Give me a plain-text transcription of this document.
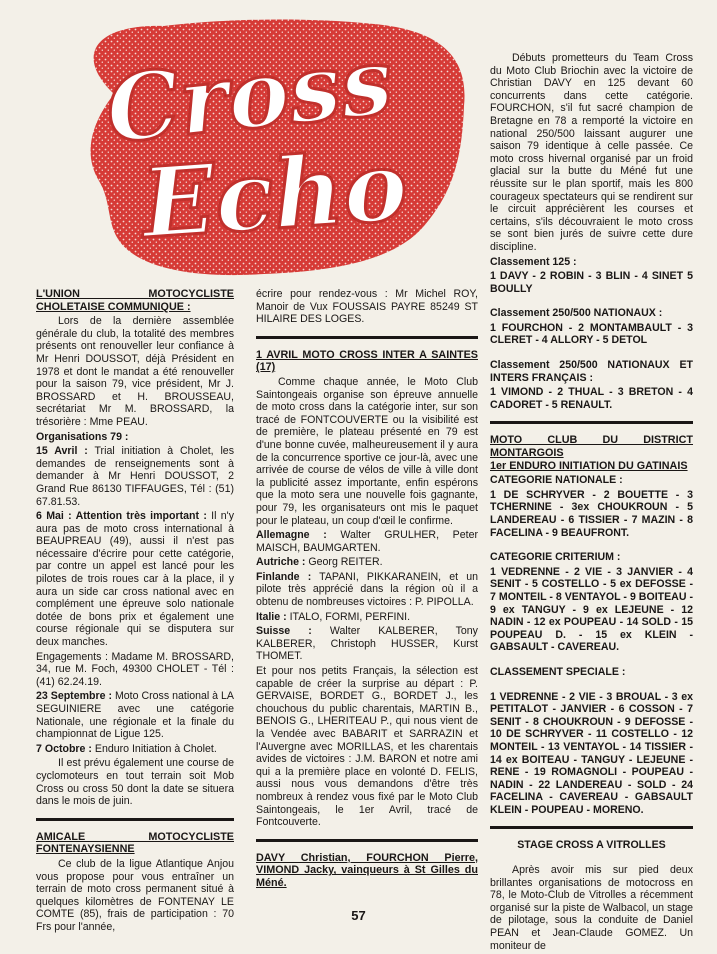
Cross
Echo

L'UNION MOTOCYCLISTE CHOLETAISE COMMUNIQUE :

Lors de la dernière assemblée générale du club, la totalité des membres présents ont renouveller leur confiance à Mr Henri DOUSSOT, déjà Président en 1978 et dont le mandat a été renouveller pour la saison 79, vice président, Mr J. BROSSARD et H. BROUSSEAU, secrétariat Mr M. BROSSARD, la trésorière : Mme PEAU.

Organisations 79 :

15 Avril : Trial initiation à Cholet, les demandes de renseignements sont à demander à Mr Henri DOUSSOT, 2 Grand Rue 86130 TIFFAUGES, Tél : (51) 67.81.53.

6 Mai : Attention très important : Il n'y aura pas de moto cross international à BEAUPREAU (49), aussi il n'est pas nécessaire d'écrire pour cette catégorie, par contre un appel est lancé pour les pilotes de trois roues car à la place, il y aura un side car cross national avec en complément une épreuve solo nationale dotée de bons prix et également une course régionale qui se disputera sur deux manches.

Engagements : Madame M. BROSSARD, 34, rue M. Foch, 49300 CHOLET - Tél : (41) 62.24.19.

23 Septembre : Moto Cross national à LA SEGUINIERE avec une catégorie Nationale, une régionale et la finale du championnat de Ligue 125.

7 Octobre : Enduro Initiation à Cholet.

Il est prévu également une course de cyclomoteurs en tout terrain soit Mob Cross ou cross 50 dont la date se situera dans le mois de juin.

AMICALE MOTOCYCLISTE FONTENAYSIENNE

Ce club de la ligue Atlantique Anjou vous propose pour vous entraîner un terrain de moto cross permanent situé à quelques kilomètres de FONTENAY LE COMTE (85), frais de participation : 70 Frs pour l'année,

écrire pour rendez-vous : Mr Michel ROY, Manoir de Vux FOUSSAIS PAYRE 85249 ST HILAIRE DES LOGES.

1 AVRIL MOTO CROSS INTER A SAINTES (17)

Comme chaque année, le Moto Club Saintongeais organise son épreuve annuelle de moto cross dans la catégorie inter, sur son tracé de FONTCOUVERTE ou la visibilité est de première, le plateau présenté en 79 est d'une bonne cuvée, malheureusement il y aura de la concurrence sportive ce jour-là, avec une arrivée de course de vélos de ville à ville dont la publicité assez importante, enfin espérons que la moto sera une nouvelle fois gagnante, pour 79, les organisateurs ont mis le paquet pour le plateau, un coup d'œil le confirme.

Allemagne : Walter GRULHER, Peter MAISCH, BAUMGARTEN.

Autriche : Georg REITER.

Finlande : TAPANI, PIKKARANEIN, et un pilote très apprécié dans la région où il a obtenu de nombreuses victoires : P. PIPOLLA.

Italie : ITALO, FORMI, PERFINI.

Suisse : Walter KALBERER, Tony KALBERER, Christoph HUSSER, Kurst THOMET.

Et pour nos petits Français, la sélection est capable de créer la surprise au départ : P. GERVAISE, BORDET G., BORDET J., les chouchous du public charentais, MARTIN B., BENOIS G., LHERITEAU P., qui nous vient de la Vendée avec BABARIT et SARRAZIN et l'Auvergne avec MORILLAS, et les charentais avides de victoires : J.M. BARON et notre ami qui a la première place en volonté D. FELIS, aussi nous vous demandons d'être très nombreux à rendez vous fixé par le Moto Club Saintongeais, le 1er Avril, tracé de Fontcouverte.

DAVY Christian, FOURCHON Pierre, VIMOND Jacky, vainqueurs à St Gilles du Méné.

Débuts prometteurs du Team Cross du Moto Club Briochin avec la victoire de Christian DAVY en 125 devant 60 concurrents dans cette catégorie. FOURCHON, s'il fut sacré champion de Bretagne en 78 a remporté la victoire en national 250/500 laissant augurer une saison 79 identique à celle passée. Ce moto cross hivernal organisé par un froid glacial sur la butte du Méné fut une réussite sur le plan sportif, mais les 800 courageux spectateurs qui se rendirent sur le circuit apprécièrent les courses et certains, s'ils découvraient le moto cross se sont bien jurés de suivre cette dure discipline.

Classement 125 :

1 DAVY - 2 ROBIN - 3 BLIN - 4 SINET 5 BOULLY

Classement 250/500 NATIONAUX :

1 FOURCHON - 2 MONTAMBAULT - 3 CLERET - 4 ALLORY - 5 DETOL

Classement 250/500 NATIONAUX ET INTERS FRANÇAIS :

1 VIMOND - 2 THUAL - 3 BRETON - 4 CADORET - 5 RENAULT.

MOTO CLUB DU DISTRICT MONTARGOIS

1er ENDURO INITIATION DU GATINAIS

CATEGORIE NATIONALE :

1 DE SCHRYVER - 2 BOUETTE - 3 TCHERNINE - 3ex CHOUKROUN - 5 LANDEREAU - 6 TISSIER - 7 MAZIN - 8 FACELINA - 9 BEAUFRONT.

CATEGORIE CRITERIUM :

1 VEDRENNE - 2 VIE - 3 JANVIER - 4 SENIT - 5 COSTELLO - 5 ex DEFOSSE - 7 MONTEIL - 8 VENTAYOL - 9 BOITEAU - 9 ex TANGUY - 9 ex LEJEUNE - 12 NADIN - 12 ex POUPEAU - 14 SOLD - 15 POUPEAU D. - 15 ex KLEIN - GABSAULT - CAVEREAU.

CLASSEMENT SPECIALE :

1 VEDRENNE - 2 VIE - 3 BROUAL - 3 ex PETITALOT - JANVIER - 6 COSSON - 7 SENIT - 8 CHOUKROUN - 9 DEFOSSE - 10 DE SCHRYVER - 11 COSTELLO - 12 MONTEIL - 13 VENTAYOL - 14 TISSIER - 14 ex BOITEAU - TANGUY - LEJEUNE - RENE - 19 ROMAGNOLI - POUPEAU - NADIN - 22 LANDEREAU - SOLD - 24 FACELINA - CAVEREAU - GABSAULT KLEIN - POUPEAU - MORENO.

STAGE CROSS A VITROLLES

Après avoir mis sur pied deux brillantes organisations de motocross en 78, le Moto-Club de Vitrolles a récemment organisé sur la piste de Walbacol, un stage de pilotage, sous la conduite de Daniel PEAN et Jean-Claude GOMEZ. Un moniteur de

57
